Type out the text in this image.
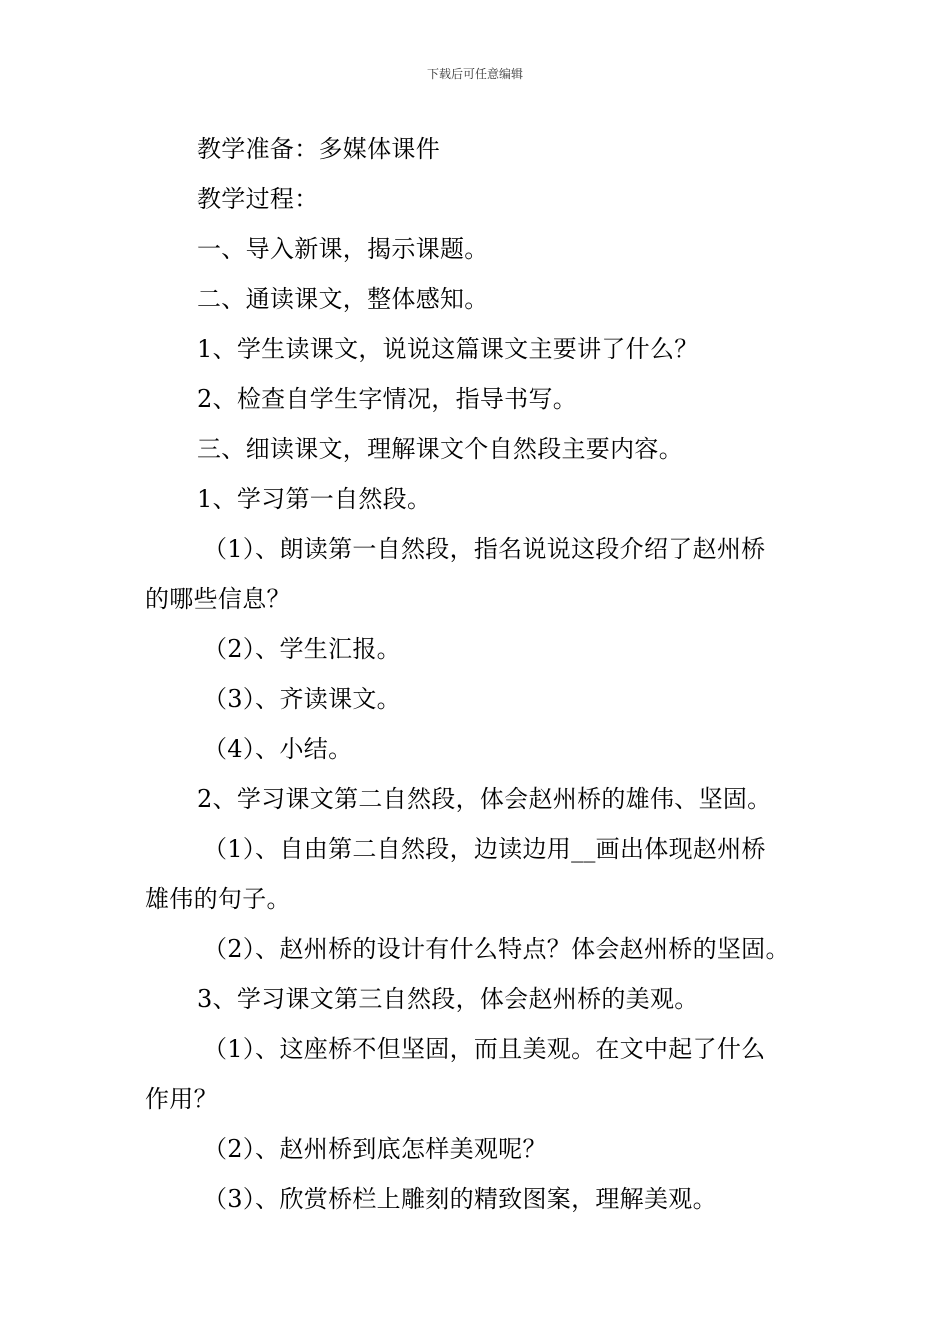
下载后可任意编辑
教学准备：多媒体课件
教学过程：
一、导入新课，揭示课题。
二、通读课文，整体感知。
1、学生读课文，说说这篇课文主要讲了什么？
2、检查自学生字情况，指导书写。
三、细读课文，理解课文个自然段主要内容。
1、学习第一自然段。
（1）、朗读第一自然段，指名说说这段介绍了赵州桥
的哪些信息？
（2）、学生汇报。
（3）、齐读课文。
（4）、小结。
2、学习课文第二自然段，体会赵州桥的雄伟、坚固。
（1）、自由第二自然段，边读边用__画出体现赵州桥
雄伟的句子。
（2）、赵州桥的设计有什么特点？体会赵州桥的坚固。
3、学习课文第三自然段，体会赵州桥的美观。
（1）、这座桥不但坚固，而且美观。在文中起了什么
作用？
（2）、赵州桥到底怎样美观呢？
（3）、欣赏桥栏上雕刻的精致图案，理解美观。
